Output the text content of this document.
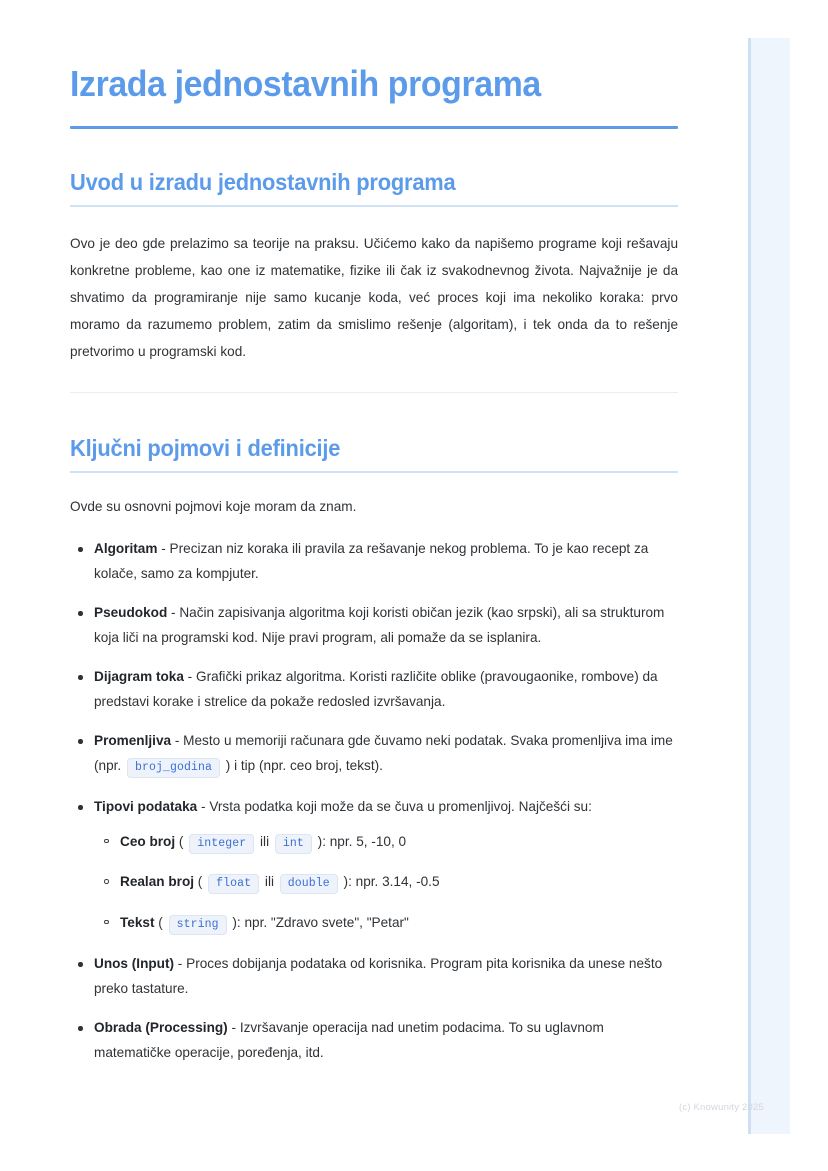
Izrada jednostavnih programa
Uvod u izradu jednostavnih programa

Ovo je deo gde prelazimo sa teorije na praksu. Učićemo kako da napišemo programe koji rešavaju konkretne probleme, kao one iz matematike, fizike ili čak iz svakodnevnog života. Najvažnije je da shvatimo da programiranje nije samo kucanje koda, već proces koji ima nekoliko koraka: prvo moramo da razumemo problem, zatim da smislimo rešenje (algoritam), i tek onda da to rešenje pretvorimo u programski kod.

Ključni pojmovi i definicije

Ovde su osnovni pojmovi koje moram da znam.

Algoritam - Precizan niz koraka ili pravila za rešavanje nekog problema. To je kao recept za kolače, samo za kompjuter.
Pseudokod - Način zapisivanja algoritma koji koristi običan jezik (kao srpski), ali sa strukturom koja liči na programski kod. Nije pravi program, ali pomaže da se isplanira.
Dijagram toka - Grafički prikaz algoritma. Koristi različite oblike (pravougaonike, rombove) da predstavi korake i strelice da pokaže redosled izvršavanja.
Promenljiva - Mesto u memoriji računara gde čuvamo neki podatak. Svaka promenljiva ima ime (npr. broj_godina ) i tip (npr. ceo broj, tekst).
Tipovi podataka - Vrsta podatka koji može da se čuva u promenljivoj. Najčešći su:
Ceo broj ( integer ili int ): npr. 5, -10, 0
Realan broj ( float ili double ): npr. 3.14, -0.5
Tekst ( string ): npr. "Zdravo svete", "Petar"
Unos (Input) - Proces dobijanja podataka od korisnika. Program pita korisnika da unese nešto preko tastature.
Obrada (Processing) - Izvršavanje operacija nad unetim podacima. To su uglavnom matematičke operacije, poređenja, itd.
(c) Knowunity 2025
